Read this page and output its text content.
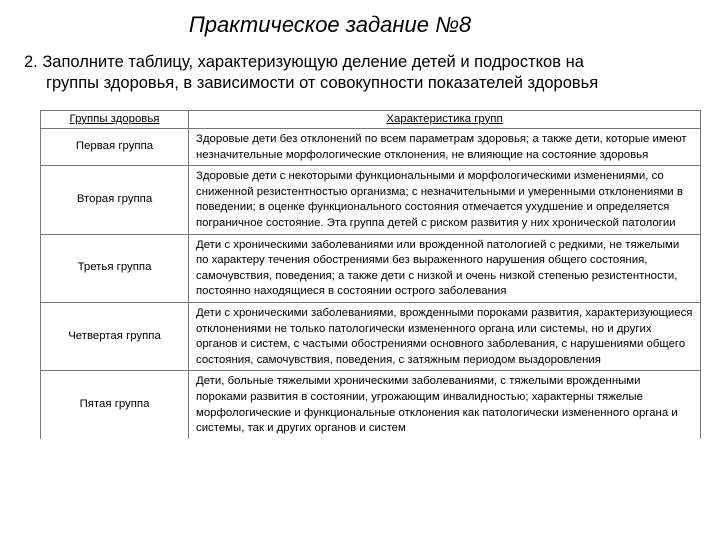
Практическое задание №8
2. Заполните таблицу, характеризующую деление детей и подростков на
группы здоровья, в зависимости от совокупности показателей здоровья
Группы здоровья	Характеристика групп
Первая группа	Здоровые дети без отклонений по всем параметрам здоровья; а также дети, которые имеют незначительные морфологические отклонения, не влияющие на состояние здоровья
Вторая группа	Здоровые дети с некоторыми функциональными и морфологическими изменениями, со сниженной резистентностью организма; с незначительными и умеренными отклонениями в поведении; в оценке функционального состояния отмечается ухудшение и определяется пограничное состояние. Эта группа детей с риском развития у них хронической патологии
Третья группа	Дети с хроническими заболеваниями или врожденной патологией с редкими, не тяжелыми по характеру течения обострениями без выраженного нарушения общего состояния, самочувствия, поведения; а также дети с низкой и очень низкой степенью резистентности, постоянно находящиеся в состоянии острого заболевания
Четвертая группа	Дети с хроническими заболеваниями, врожденными пороками развития, характеризующиеся отклонениями не только патологически измененного органа или системы, но и других органов и систем, с частыми обострениями основного заболевания, с нарушениями общего состояния, самочувствия, поведения, с затяжным периодом выздоровления
Пятая группа	Дети, больные тяжелыми хроническими заболеваниями, с тяжелыми врожденными пороками развития в состоянии, угрожающим инвалидностью; характерны тяжелые морфологические и функциональные отклонения как патологически измененного органа и системы, так и других органов и систем
